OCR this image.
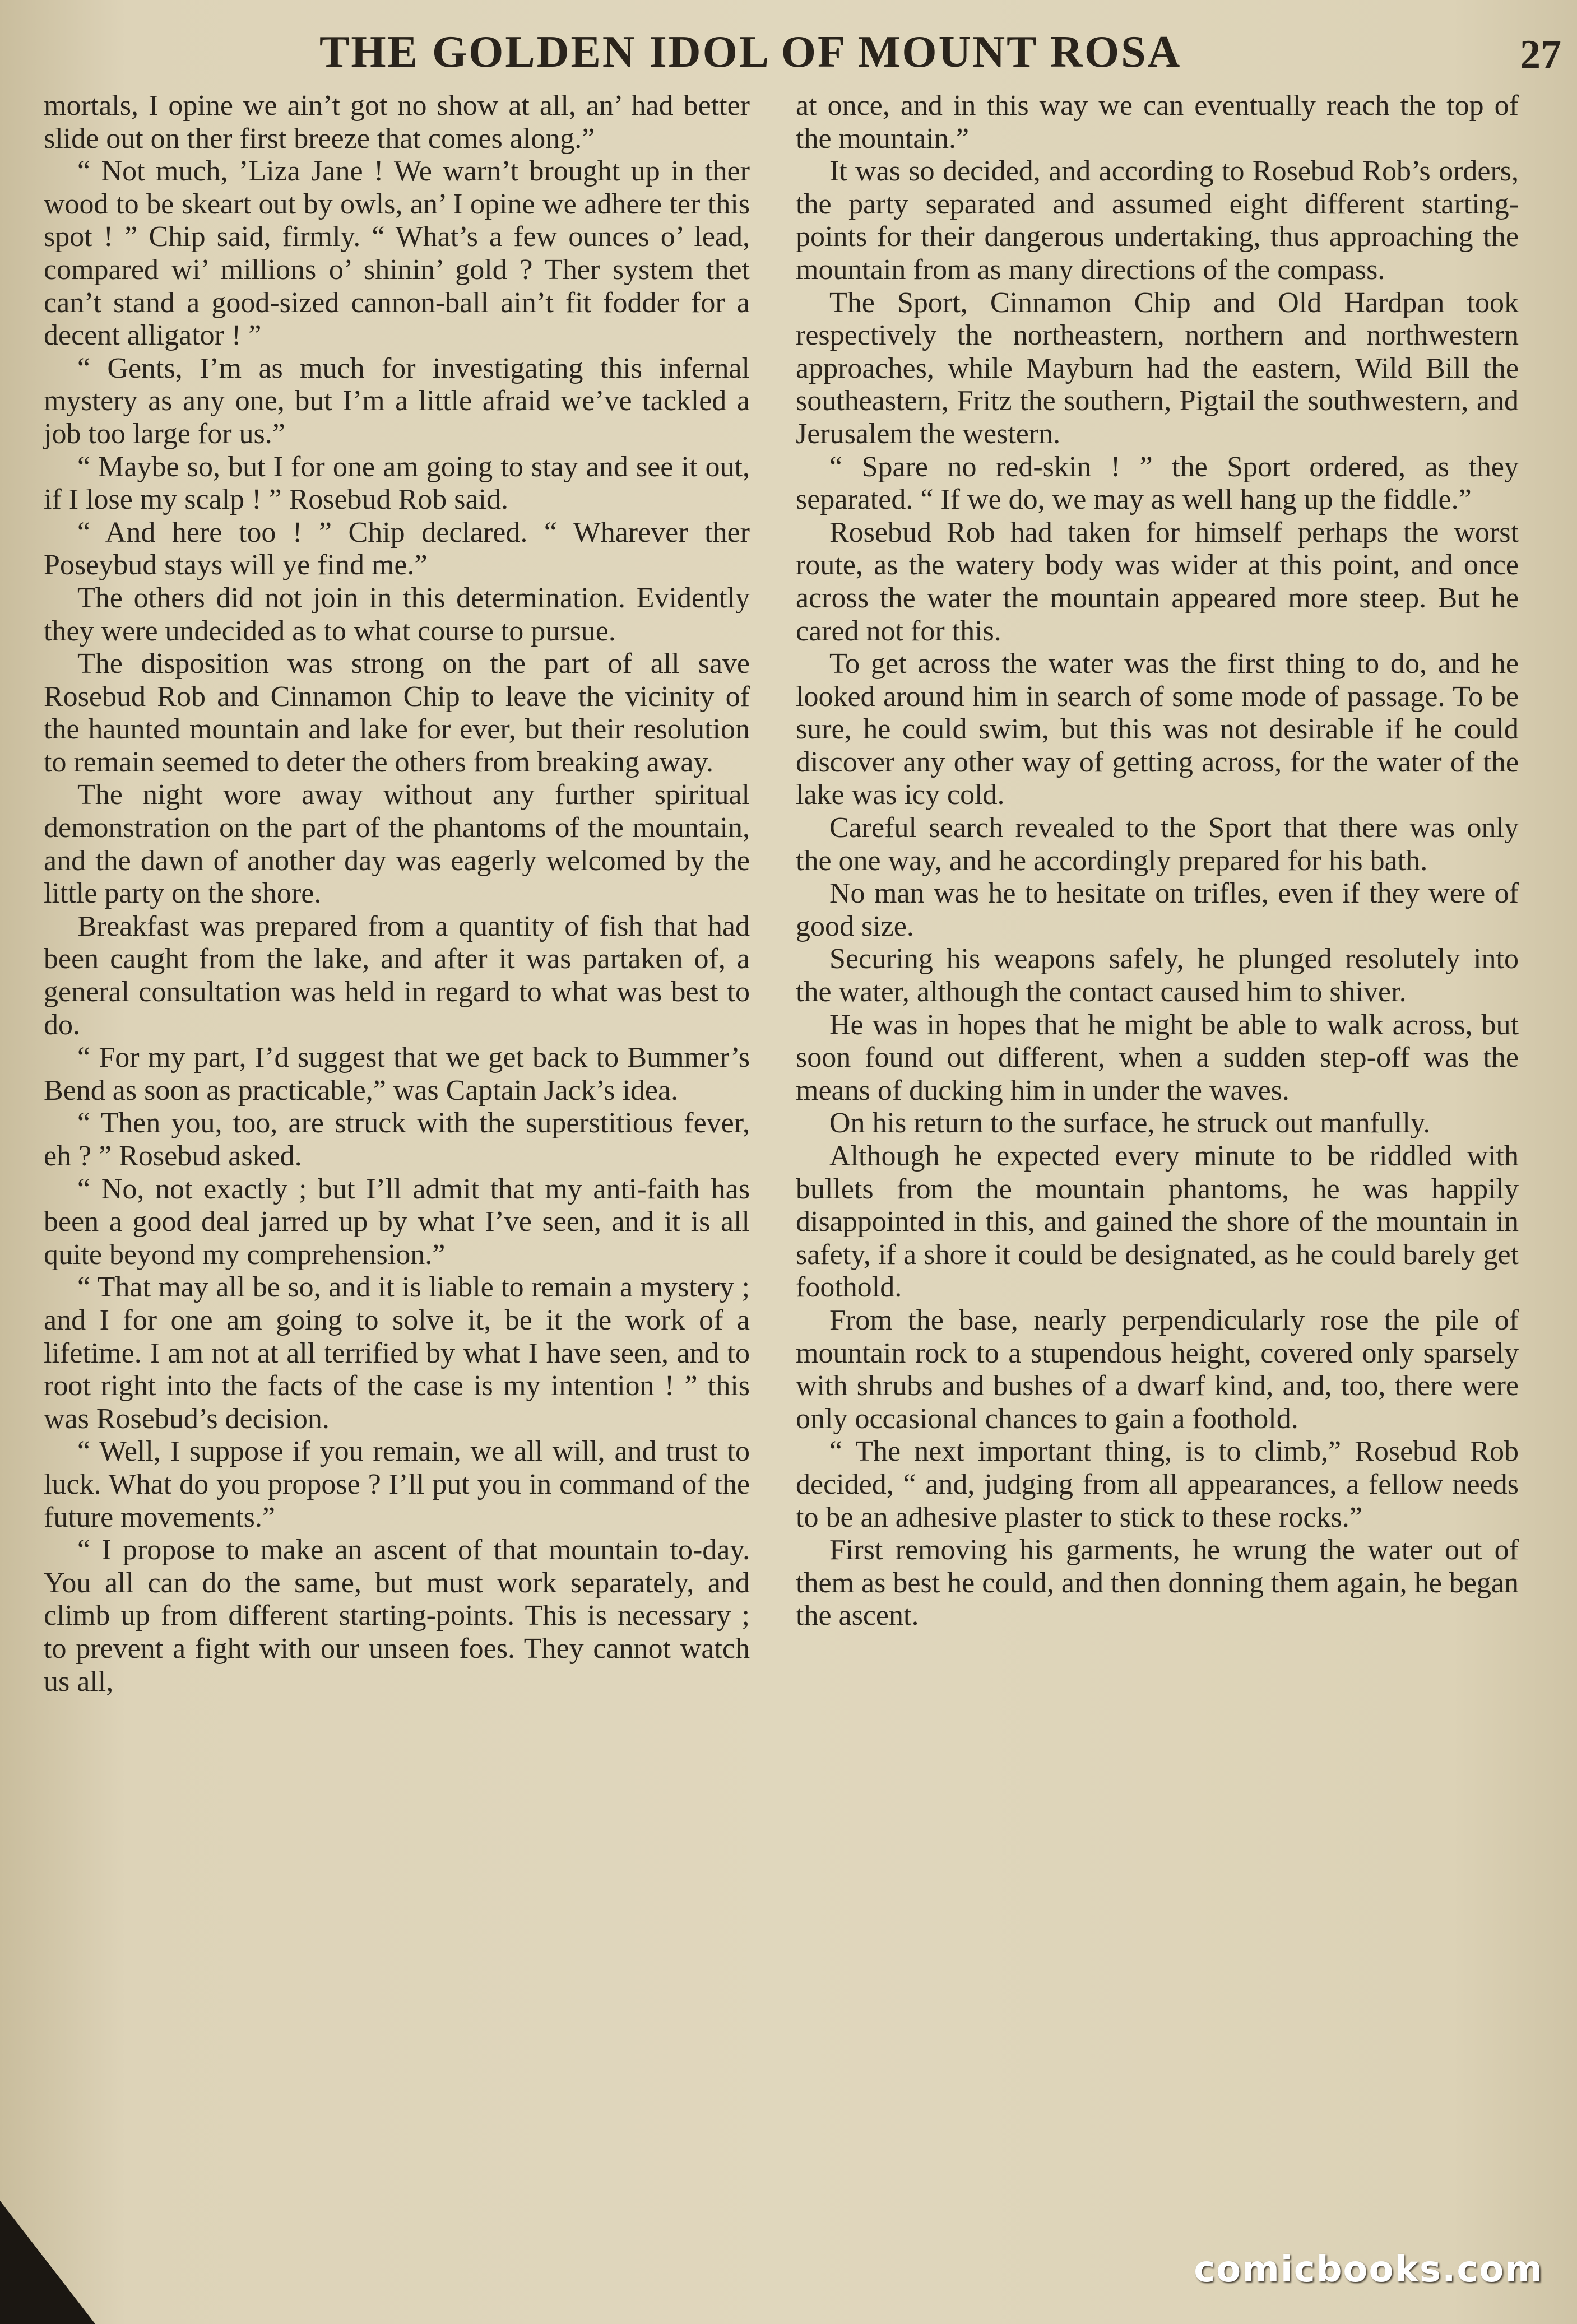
THE GOLDEN IDOL OF MOUNT ROSA	27

mortals, I opine we ain’t got no show at all, an’ had better slide out on ther first breeze that comes along.”

“ Not much, ’Liza Jane ! We warn’t brought up in ther wood to be skeart out by owls, an’ I opine we adhere ter this spot ! ” Chip said, firmly. “ What’s a few ounces o’ lead, compared wi’ millions o’ shinin’ gold ? Ther system thet can’t stand a good-sized cannon-ball ain’t fit fodder for a decent alligator ! ”

“ Gents, I’m as much for investigating this infernal mystery as any one, but I’m a little afraid we’ve tackled a job too large for us.”

“ Maybe so, but I for one am going to stay and see it out, if I lose my scalp ! ” Rosebud Rob said.

“ And here too ! ” Chip declared. “ Wharever ther Poseybud stays will ye find me.”

The others did not join in this determination. Evidently they were undecided as to what course to pursue.

The disposition was strong on the part of all save Rosebud Rob and Cinnamon Chip to leave the vicinity of the haunted mountain and lake for ever, but their resolution to remain seemed to deter the others from breaking away.

The night wore away without any further spiritual demonstration on the part of the phantoms of the mountain, and the dawn of another day was eagerly welcomed by the little party on the shore.

Breakfast was prepared from a quantity of fish that had been caught from the lake, and after it was partaken of, a general consultation was held in regard to what was best to do.

“ For my part, I’d suggest that we get back to Bummer’s Bend as soon as practicable,” was Captain Jack’s idea.

“ Then you, too, are struck with the superstitious fever, eh ? ” Rosebud asked.

“ No, not exactly ; but I’ll admit that my anti-faith has been a good deal jarred up by what I’ve seen, and it is all quite beyond my comprehension.”

“ That may all be so, and it is liable to remain a mystery ; and I for one am going to solve it, be it the work of a lifetime. I am not at all terrified by what I have seen, and to root right into the facts of the case is my intention ! ” this was Rosebud’s decision.

“ Well, I suppose if you remain, we all will, and trust to luck. What do you propose ? I’ll put you in command of the future movements.”

“ I propose to make an ascent of that mountain to-day. You all can do the same, but must work separately, and climb up from different starting-points. This is necessary ; to prevent a fight with our unseen foes. They cannot watch us all,

at once, and in this way we can eventually reach the top of the mountain.”

It was so decided, and according to Rosebud Rob’s orders, the party separated and assumed eight different starting-points for their dangerous undertaking, thus approaching the mountain from as many directions of the compass.

The Sport, Cinnamon Chip and Old Hardpan took respectively the northeastern, northern and northwestern approaches, while Mayburn had the eastern, Wild Bill the southeastern, Fritz the southern, Pigtail the southwestern, and Jerusalem the western.

“ Spare no red-skin ! ” the Sport ordered, as they separated. “ If we do, we may as well hang up the fiddle.”

Rosebud Rob had taken for himself perhaps the worst route, as the watery body was wider at this point, and once across the water the mountain appeared more steep. But he cared not for this.

To get across the water was the first thing to do, and he looked around him in search of some mode of passage. To be sure, he could swim, but this was not desirable if he could discover any other way of getting across, for the water of the lake was icy cold.

Careful search revealed to the Sport that there was only the one way, and he accordingly prepared for his bath.

No man was he to hesitate on trifles, even if they were of good size.

Securing his weapons safely, he plunged resolutely into the water, although the contact caused him to shiver.

He was in hopes that he might be able to walk across, but soon found out different, when a sudden step-off was the means of ducking him in under the waves.

On his return to the surface, he struck out manfully.

Although he expected every minute to be riddled with bullets from the mountain phantoms, he was happily disappointed in this, and gained the shore of the mountain in safety, if a shore it could be designated, as he could barely get foothold.

From the base, nearly perpendicularly rose the pile of mountain rock to a stupendous height, covered only sparsely with shrubs and bushes of a dwarf kind, and, too, there were only occasional chances to gain a foothold.

“ The next important thing, is to climb,” Rosebud Rob decided, “ and, judging from all appearances, a fellow needs to be an adhesive plaster to stick to these rocks.”

First removing his garments, he wrung the water out of them as best he could, and then donning them again, he began the ascent.

comicbooks.com
